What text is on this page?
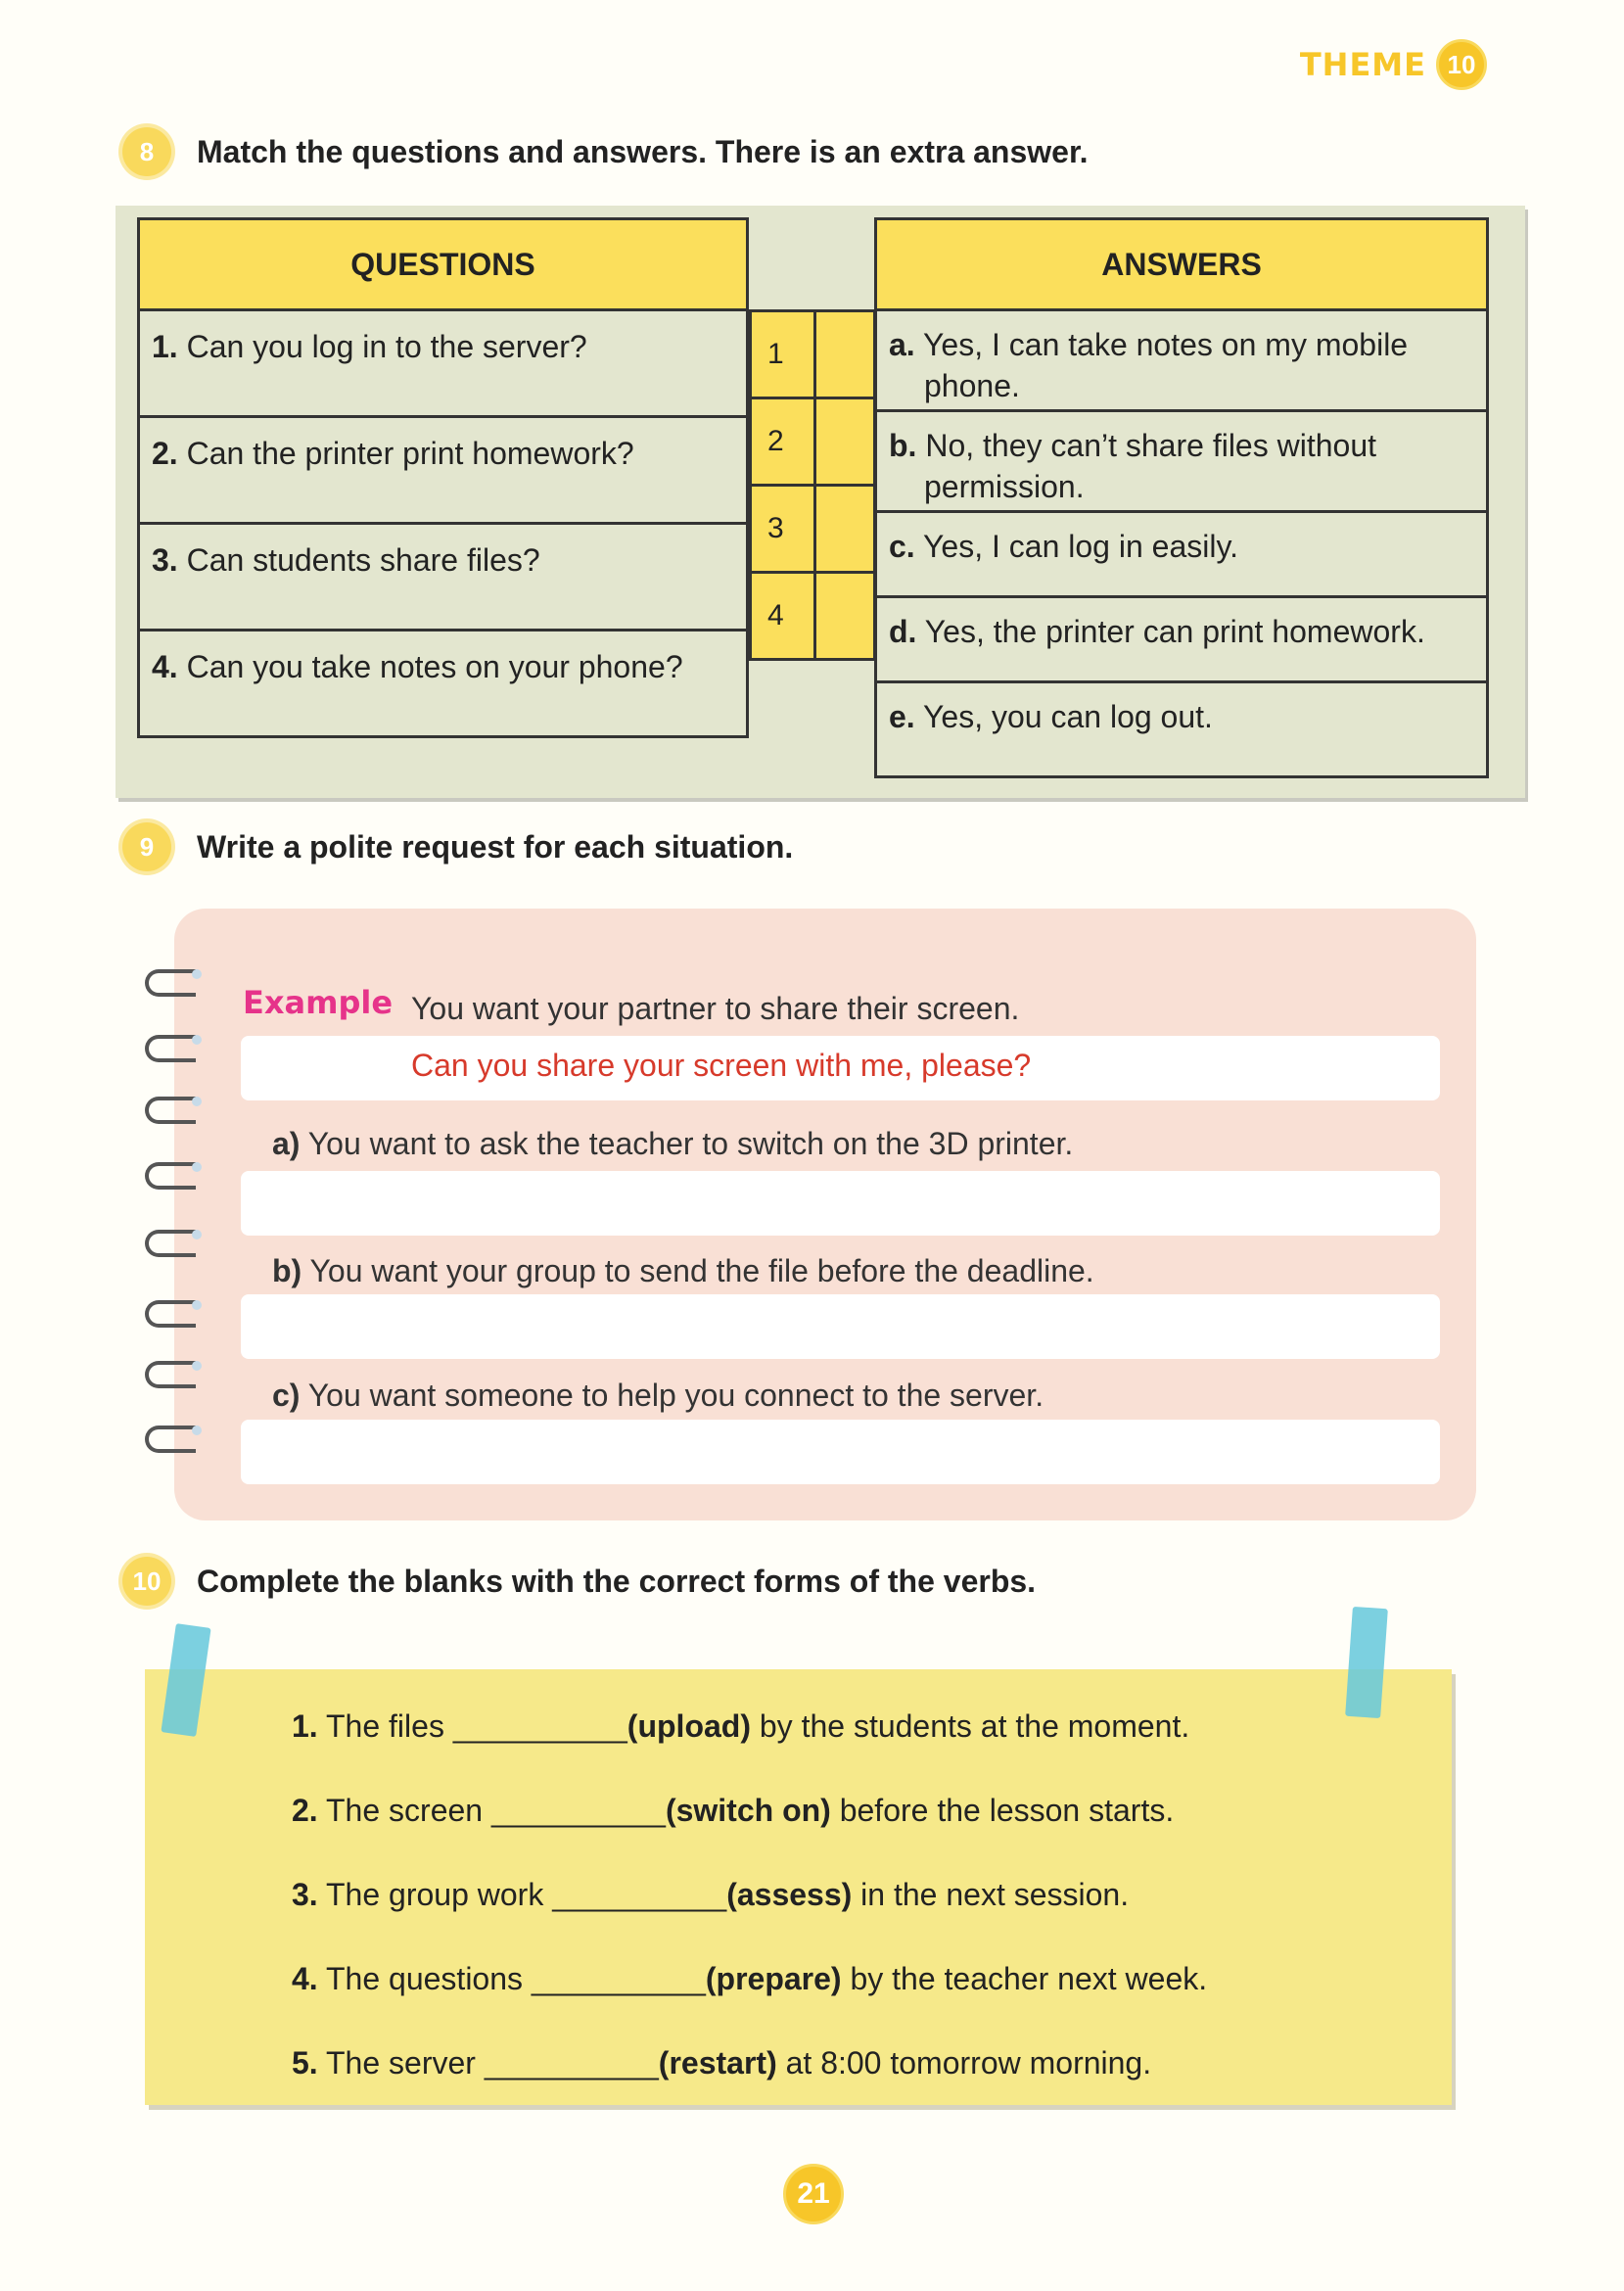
THEME 10
8	Match the questions and answers. There is an extra answer.
QUESTIONS
1. Can you log in to the server?
2. Can the printer print homework?
3. Can students share files?
4. Can you take notes on your phone?
1	
2	
3	
4	
ANSWERS
a. Yes, I can take notes on my mobile
phone.

b. No, they can’t share files without
permission.

c. Yes, I can log in easily.
d. Yes, the printer can print homework.
e. Yes, you can log out.
9	Write a polite request for each situation.
Example You want your partner to share their screen.
Can you share your screen with me, please?
a) You want to ask the teacher to switch on the 3D printer.
b) You want your group to send the file before the deadline.
c) You want someone to help you connect to the server.
10	Complete the blanks with the correct forms of the verbs.
1. The files __________(upload) by the students at the moment.
2. The screen __________(switch on) before the lesson starts.
3. The group work __________(assess) in the next session.
4. The questions __________(prepare) by the teacher next week.
5. The server __________(restart) at 8:00 tomorrow morning.
21
